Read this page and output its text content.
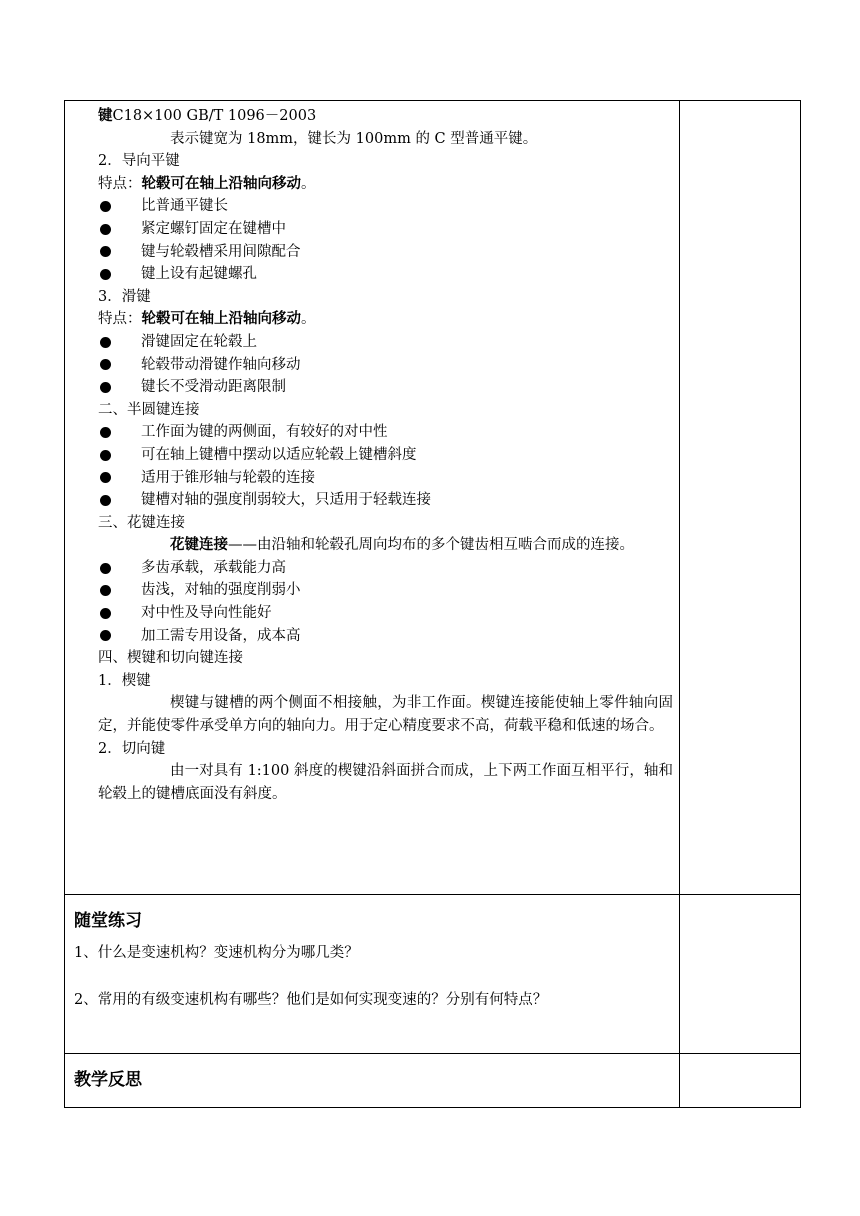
键C18×100 GB/T 1096－2003
表示键宽为 18mm，键长为 100mm 的 C 型普通平键。
2．导向平键
特点：轮毂可在轴上沿轴向移动。
比普通平键长
紧定螺钉固定在键槽中
键与轮毂槽采用间隙配合
键上设有起键螺孔
3．滑键
特点：轮毂可在轴上沿轴向移动。
滑键固定在轮毂上
轮毂带动滑键作轴向移动
键长不受滑动距离限制
二、半圆键连接
工作面为键的两侧面，有较好的对中性
可在轴上键槽中摆动以适应轮毂上键槽斜度
适用于锥形轴与轮毂的连接
键槽对轴的强度削弱较大，只适用于轻载连接
三、花键连接
花键连接——由沿轴和轮毂孔周向均布的多个键齿相互啮合而成的连接。
多齿承载，承载能力高
齿浅，对轴的强度削弱小
对中性及导向性能好
加工需专用设备，成本高
四、楔键和切向键连接
1．楔键
楔键与键槽的两个侧面不相接触，为非工作面。楔键连接能使轴上零件轴向固定，并能使零件承受单方向的轴向力。用于定心精度要求不高，荷载平稳和低速的场合。
2．切向键
由一对具有 1:100 斜度的楔键沿斜面拼合而成，上下两工作面互相平行，轴和轮毂上的键槽底面没有斜度。
随堂练习
1、什么是变速机构？变速机构分为哪几类？
2、常用的有级变速机构有哪些？他们是如何实现变速的？分别有何特点？
教学反思
